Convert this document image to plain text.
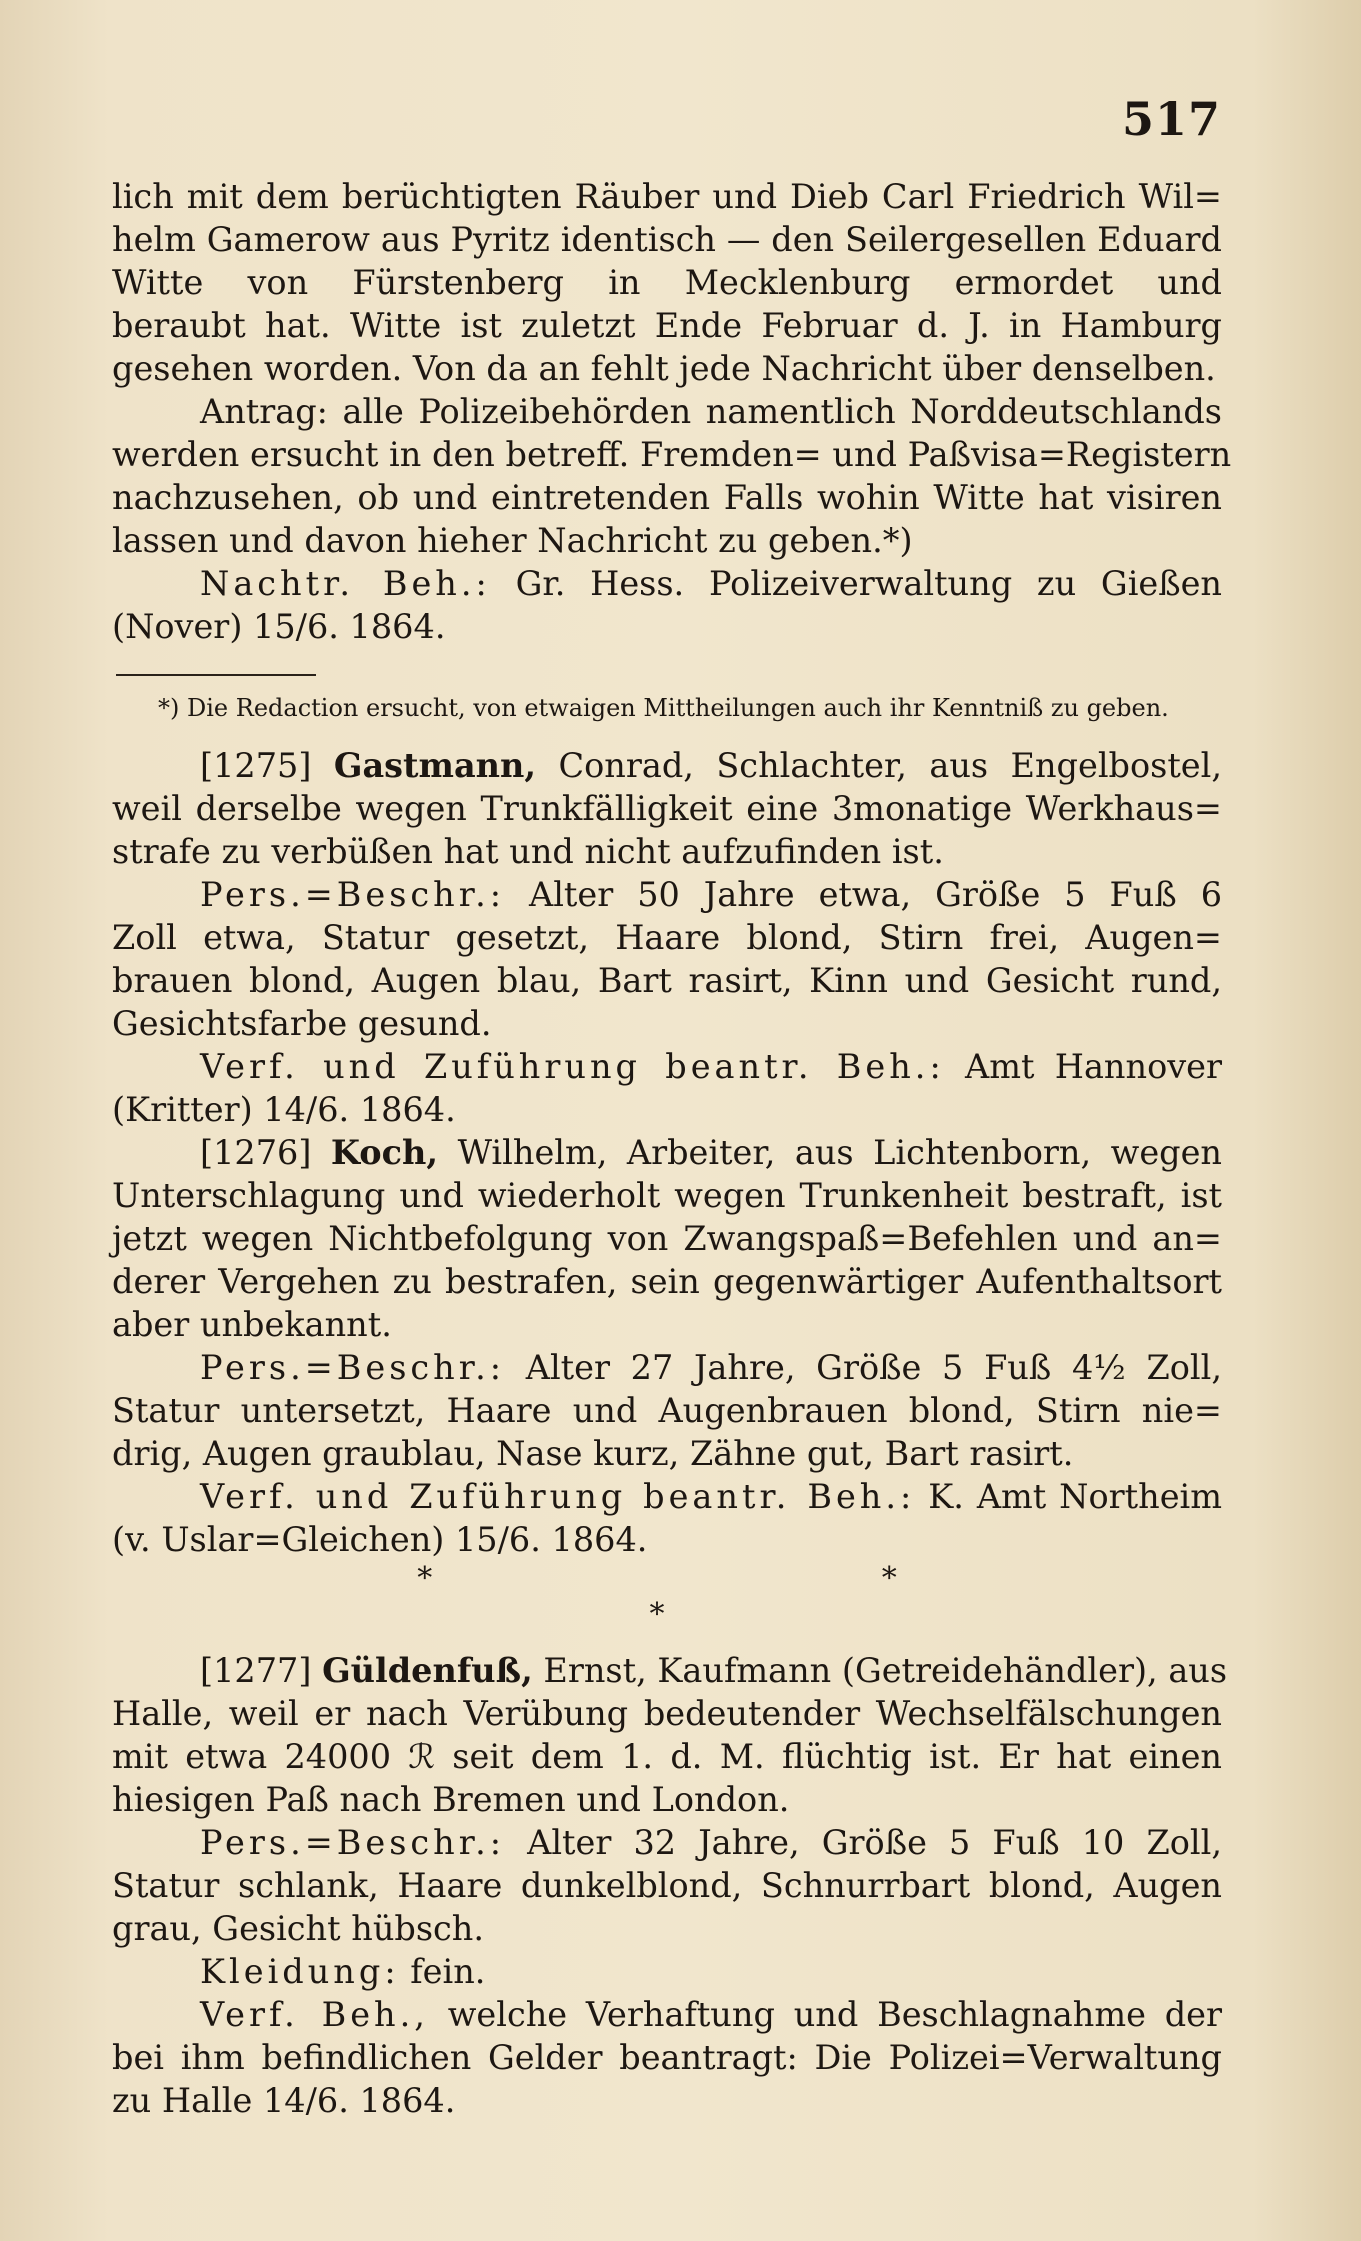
517
lich mit dem berüchtigten Räuber und Dieb Carl Friedrich Wil=
helm Gamerow aus Pyritz identisch — den Seilergesellen Eduard
Witte von Fürstenberg in Mecklenburg ermordet und
beraubt hat. Witte ist zuletzt Ende Februar d. J. in Hamburg
gesehen worden. Von da an fehlt jede Nachricht über denselben.
Antrag: alle Polizeibehörden namentlich Norddeutschlands
werden ersucht in den betreff. Fremden= und Paßvisa=Registern
nachzusehen, ob und eintretenden Falls wohin Witte hat visiren
lassen und davon hieher Nachricht zu geben.*)
Nachtr. Beh.: Gr. Hess. Polizeiverwaltung zu Gießen
(Nover) 15/6. 1864.
*) Die Redaction ersucht, von etwaigen Mittheilungen auch ihr Kenntniß zu geben.
[1275] Gastmann, Conrad, Schlachter, aus Engelbostel,
weil derselbe wegen Trunkfälligkeit eine 3monatige Werkhaus=
strafe zu verbüßen hat und nicht aufzufinden ist.
Pers.=Beschr.: Alter 50 Jahre etwa, Größe 5 Fuß 6
Zoll etwa, Statur gesetzt, Haare blond, Stirn frei, Augen=
brauen blond, Augen blau, Bart rasirt, Kinn und Gesicht rund,
Gesichtsfarbe gesund.
Verf. und Zuführung beantr. Beh.: Amt Hannover
(Kritter) 14/6. 1864.
[1276] Koch, Wilhelm, Arbeiter, aus Lichtenborn, wegen
Unterschlagung und wiederholt wegen Trunkenheit bestraft, ist
jetzt wegen Nichtbefolgung von Zwangspaß=Befehlen und an=
derer Vergehen zu bestrafen, sein gegenwärtiger Aufenthaltsort
aber unbekannt.
Pers.=Beschr.: Alter 27 Jahre, Größe 5 Fuß 4½ Zoll,
Statur untersetzt, Haare und Augenbrauen blond, Stirn nie=
drig, Augen graublau, Nase kurz, Zähne gut, Bart rasirt.
Verf. und Zuführung beantr. Beh.: K. Amt Northeim
(v. Uslar=Gleichen) 15/6. 1864.
* * *
[1277] Güldenfuß, Ernst, Kaufmann (Getreidehändler), aus
Halle, weil er nach Verübung bedeutender Wechselfälschungen
mit etwa 24000 ℛ seit dem 1. d. M. flüchtig ist. Er hat einen
hiesigen Paß nach Bremen und London.
Pers.=Beschr.: Alter 32 Jahre, Größe 5 Fuß 10 Zoll,
Statur schlank, Haare dunkelblond, Schnurrbart blond, Augen
grau, Gesicht hübsch.
Kleidung: fein.
Verf. Beh., welche Verhaftung und Beschlagnahme der
bei ihm befindlichen Gelder beantragt: Die Polizei=Verwaltung
zu Halle 14/6. 1864.
